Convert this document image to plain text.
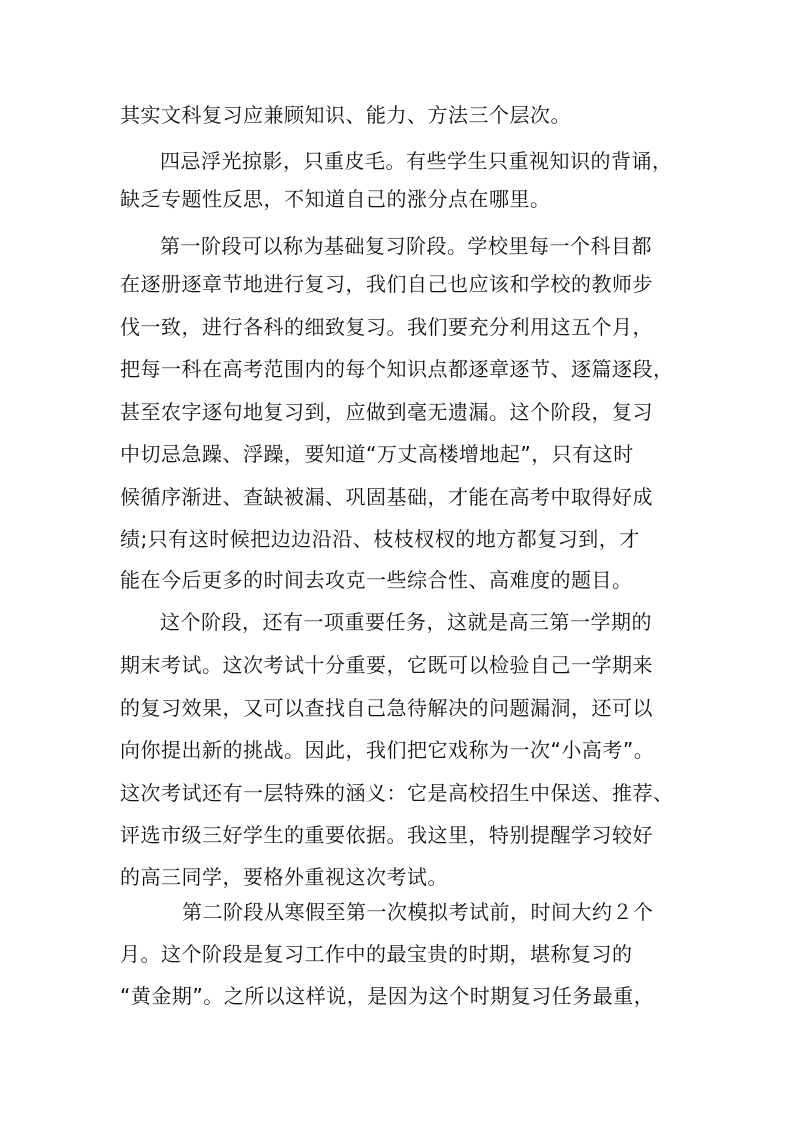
其实文科复习应兼顾知识、能力、方法三个层次。
四忌浮光掠影，只重皮毛。有些学生只重视知识的背诵，
缺乏专题性反思，不知道自己的涨分点在哪里。
第一阶段可以称为基础复习阶段。学校里每一个科目都
在逐册逐章节地进行复习，我们自己也应该和学校的教师步
伐一致，进行各科的细致复习。我们要充分利用这五个月，
把每一科在高考范围内的每个知识点都逐章逐节、逐篇逐段，
甚至农字逐句地复习到，应做到毫无遗漏。这个阶段，复习
中切忌急躁、浮躁，要知道“万丈高楼增地起”，只有这时
候循序渐进、查缺被漏、巩固基础，才能在高考中取得好成
绩;只有这时候把边边沿沿、枝枝杈杈的地方都复习到，才
能在今后更多的时间去攻克一些综合性、高难度的题目。
这个阶段，还有一项重要任务，这就是高三第一学期的
期末考试。这次考试十分重要，它既可以检验自己一学期来
的复习效果，又可以查找自己急待解决的问题漏洞，还可以
向你提出新的挑战。因此，我们把它戏称为一次“小高考”。
这次考试还有一层特殊的涵义：它是高校招生中保送、推荐、
评选市级三好学生的重要依据。我这里，特别提醒学习较好
的高三同学，要格外重视这次考试。
第二阶段从寒假至第一次模拟考试前，时间大约２个
月。这个阶段是复习工作中的最宝贵的时期，堪称复习的
“黄金期”。之所以这样说，是因为这个时期复习任务最重，
